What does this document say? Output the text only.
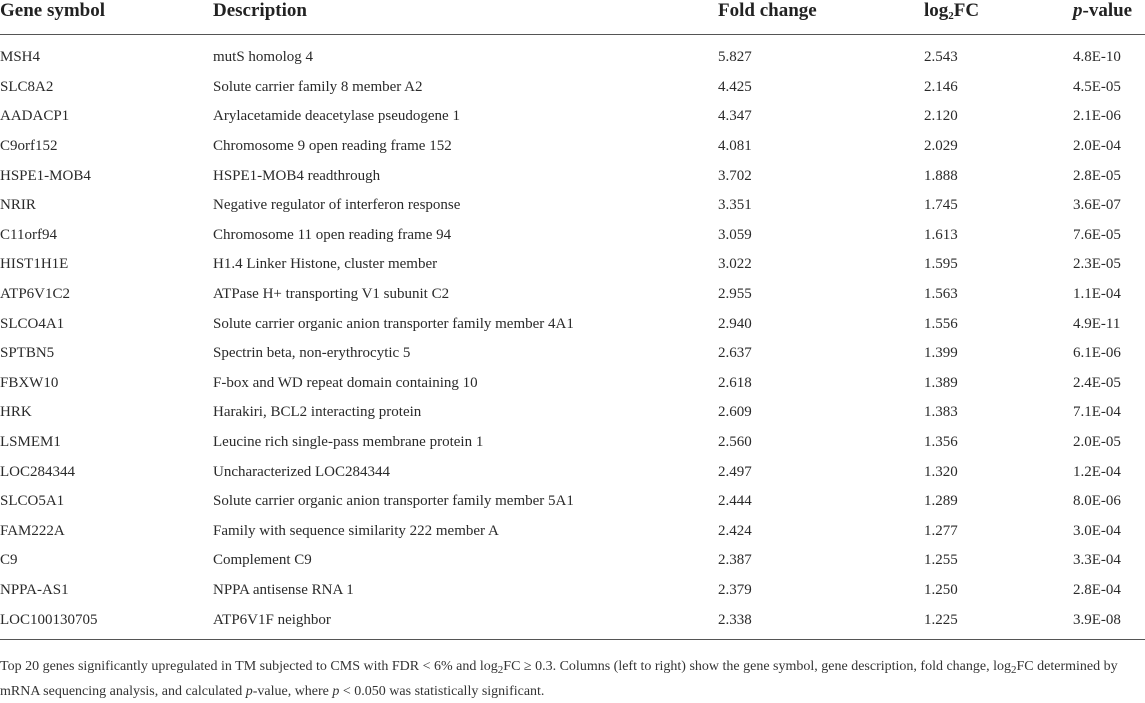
Gene symbol	Description	Fold change	$\log_2FC$	p-value
MSH4	mutS homolog 4	5.827	2.543	4.8E-10
SLC8A2	Solute carrier family 8 member A2	4.425	2.146	4.5E-05
AADACP1	Arylacetamide deacetylase pseudogene 1	4.347	2.120	2.1E-06
C9orf152	Chromosome 9 open reading frame 152	4.081	2.029	2.0E-04
HSPE1-MOB4	HSPE1-MOB4 readthrough	3.702	1.888	2.8E-05
NRIR	Negative regulator of interferon response	3.351	1.745	3.6E-07
C11orf94	Chromosome 11 open reading frame 94	3.059	1.613	7.6E-05
HIST1H1E	H1.4 Linker Histone, cluster member	3.022	1.595	2.3E-05
ATP6V1C2	ATPase H+ transporting V1 subunit C2	2.955	1.563	1.1E-04
SLCO4A1	Solute carrier organic anion transporter family member 4A1	2.940	1.556	4.9E-11
SPTBN5	Spectrin beta, non-erythrocytic 5	2.637	1.399	6.1E-06
FBXW10	F-box and WD repeat domain containing 10	2.618	1.389	2.4E-05
HRK	Harakiri, BCL2 interacting protein	2.609	1.383	7.1E-04
LSMEM1	Leucine rich single-pass membrane protein 1	2.560	1.356	2.0E-05
LOC284344	Uncharacterized LOC284344	2.497	1.320	1.2E-04
SLCO5A1	Solute carrier organic anion transporter family member 5A1	2.444	1.289	8.0E-06
FAM222A	Family with sequence similarity 222 member A	2.424	1.277	3.0E-04
C9	Complement C9	2.387	1.255	3.3E-04
NPPA-AS1	NPPA antisense RNA 1	2.379	1.250	2.8E-04
LOC100130705	ATP6V1F neighbor	2.338	1.225	3.9E-08
Top 20 genes significantly upregulated in TM subjected to CMS with FDR < 6% and $\log_2FC \ge 0.3$. Columns (left to right) show the gene symbol, gene description, fold change, $\log_2FC$ determined by mRNA sequencing analysis, and calculated p-value, where p < 0.050 was statistically significant.
